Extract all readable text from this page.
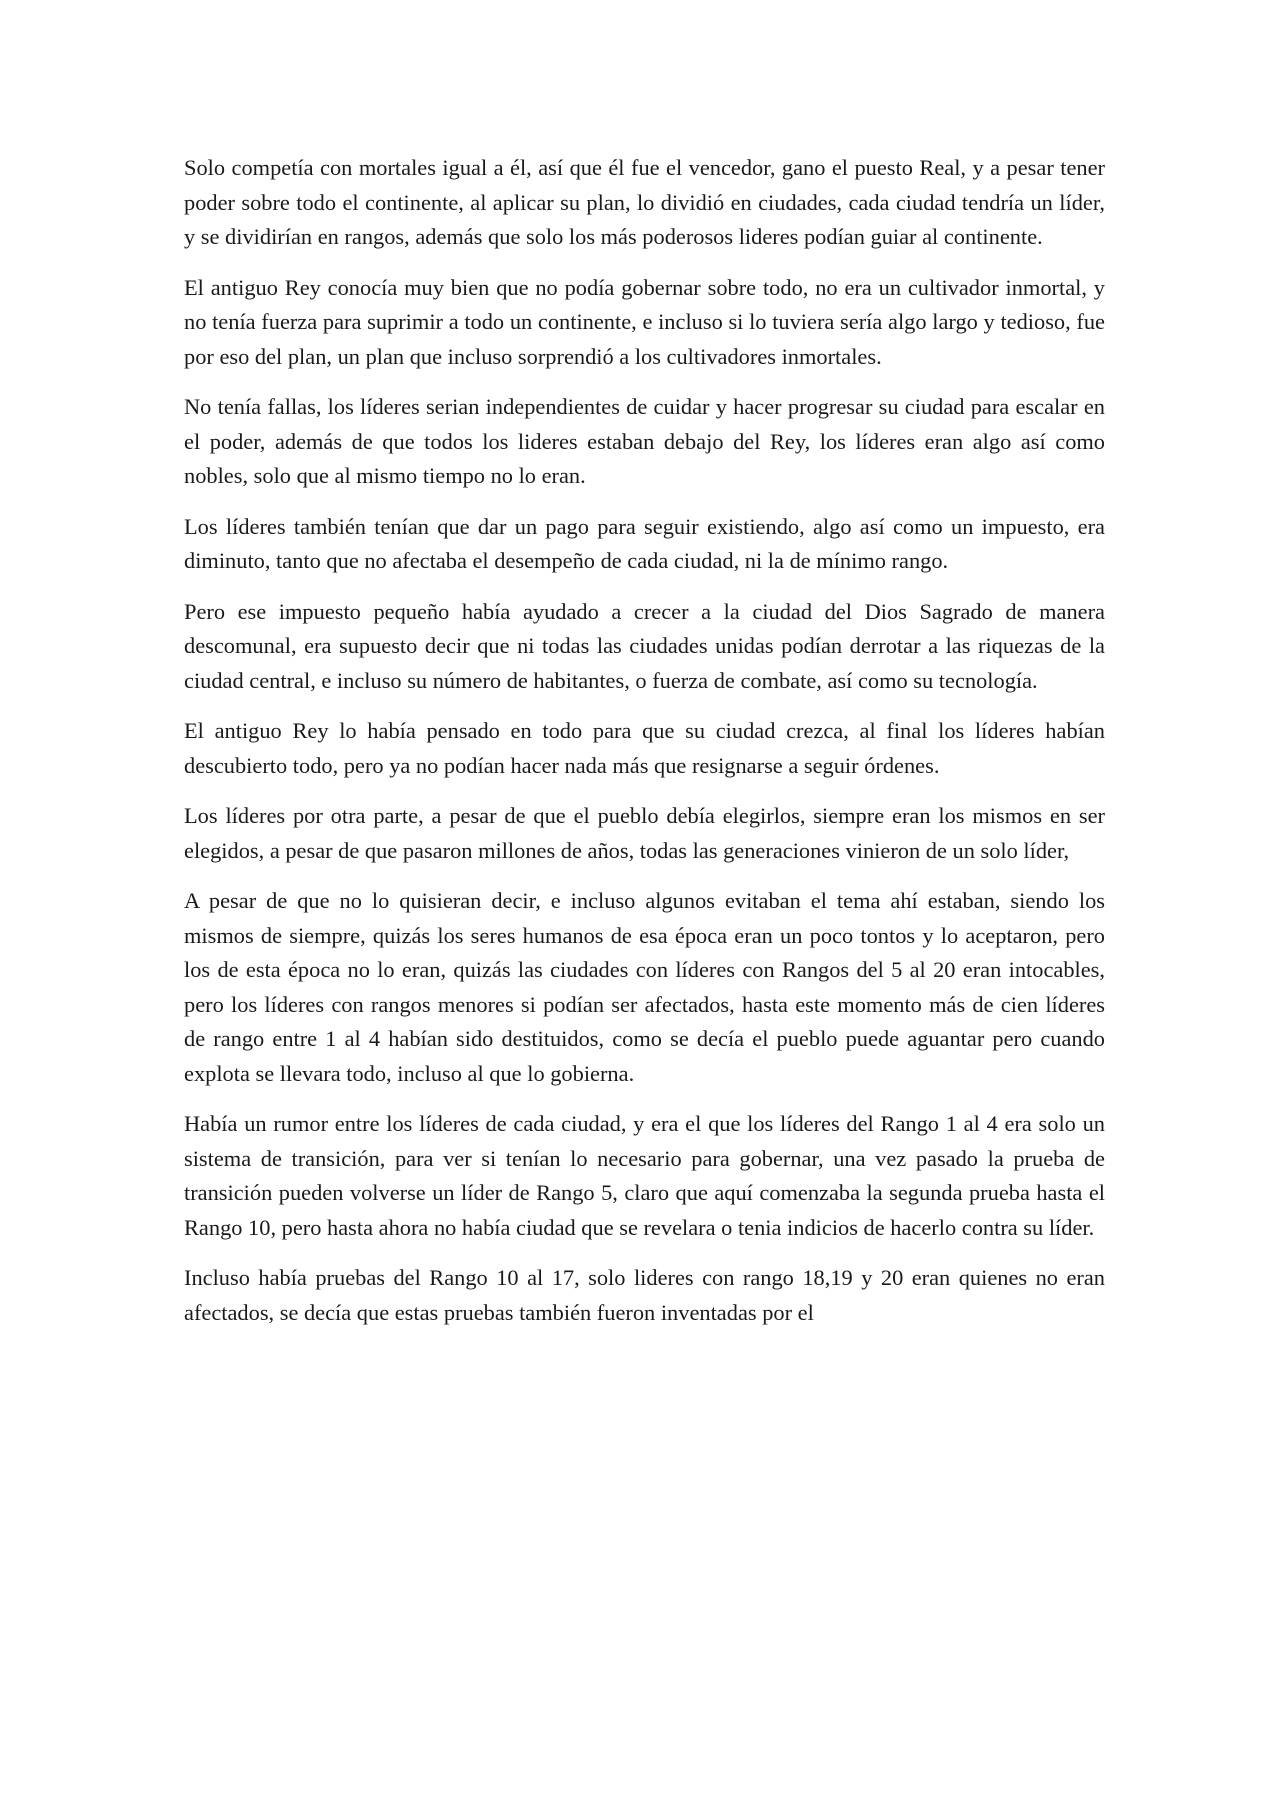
Solo competía con mortales igual a él, así que él fue el vencedor, gano el puesto Real, y a pesar tener poder sobre todo el continente, al aplicar su plan, lo dividió en ciudades, cada ciudad tendría un líder, y se dividirían en rangos, además que solo los más poderosos lideres podían guiar al continente.

El antiguo Rey conocía muy bien que no podía gobernar sobre todo, no era un cultivador inmortal, y no tenía fuerza para suprimir a todo un continente, e incluso si lo tuviera sería algo largo y tedioso, fue por eso del plan, un plan que incluso sorprendió a los cultivadores inmortales.

No tenía fallas, los líderes serian independientes de cuidar y hacer progresar su ciudad para escalar en el poder, además de que todos los lideres estaban debajo del Rey, los líderes eran algo así como nobles, solo que al mismo tiempo no lo eran.

Los líderes también tenían que dar un pago para seguir existiendo, algo así como un impuesto, era diminuto, tanto que no afectaba el desempeño de cada ciudad, ni la de mínimo rango.

Pero ese impuesto pequeño había ayudado a crecer a la ciudad del Dios Sagrado de manera descomunal, era supuesto decir que ni todas las ciudades unidas podían derrotar a las riquezas de la ciudad central, e incluso su número de habitantes, o fuerza de combate, así como su tecnología.

El antiguo Rey lo había pensado en todo para que su ciudad crezca, al final los líderes habían descubierto todo, pero ya no podían hacer nada más que resignarse a seguir órdenes.

Los líderes por otra parte, a pesar de que el pueblo debía elegirlos, siempre eran los mismos en ser elegidos, a pesar de que pasaron millones de años, todas las generaciones vinieron de un solo líder,

A pesar de que no lo quisieran decir, e incluso algunos evitaban el tema ahí estaban, siendo los mismos de siempre, quizás los seres humanos de esa época eran un poco tontos y lo aceptaron, pero los de esta época no lo eran, quizás las ciudades con líderes con Rangos del 5 al 20 eran intocables, pero los líderes con rangos menores si podían ser afectados, hasta este momento más de cien líderes de rango entre 1 al 4 habían sido destituidos, como se decía el pueblo puede aguantar pero cuando explota se llevara todo, incluso al que lo gobierna.

Había un rumor entre los líderes de cada ciudad, y era el que los líderes del Rango 1 al 4 era solo un sistema de transición, para ver si tenían lo necesario para gobernar, una vez pasado la prueba de transición pueden volverse un líder de Rango 5, claro que aquí comenzaba la segunda prueba hasta el Rango 10, pero hasta ahora no había ciudad que se revelara o tenia indicios de hacerlo contra su líder.

Incluso había pruebas del Rango 10 al 17, solo lideres con rango 18,19 y 20 eran quienes no eran afectados, se decía que estas pruebas también fueron inventadas por el
